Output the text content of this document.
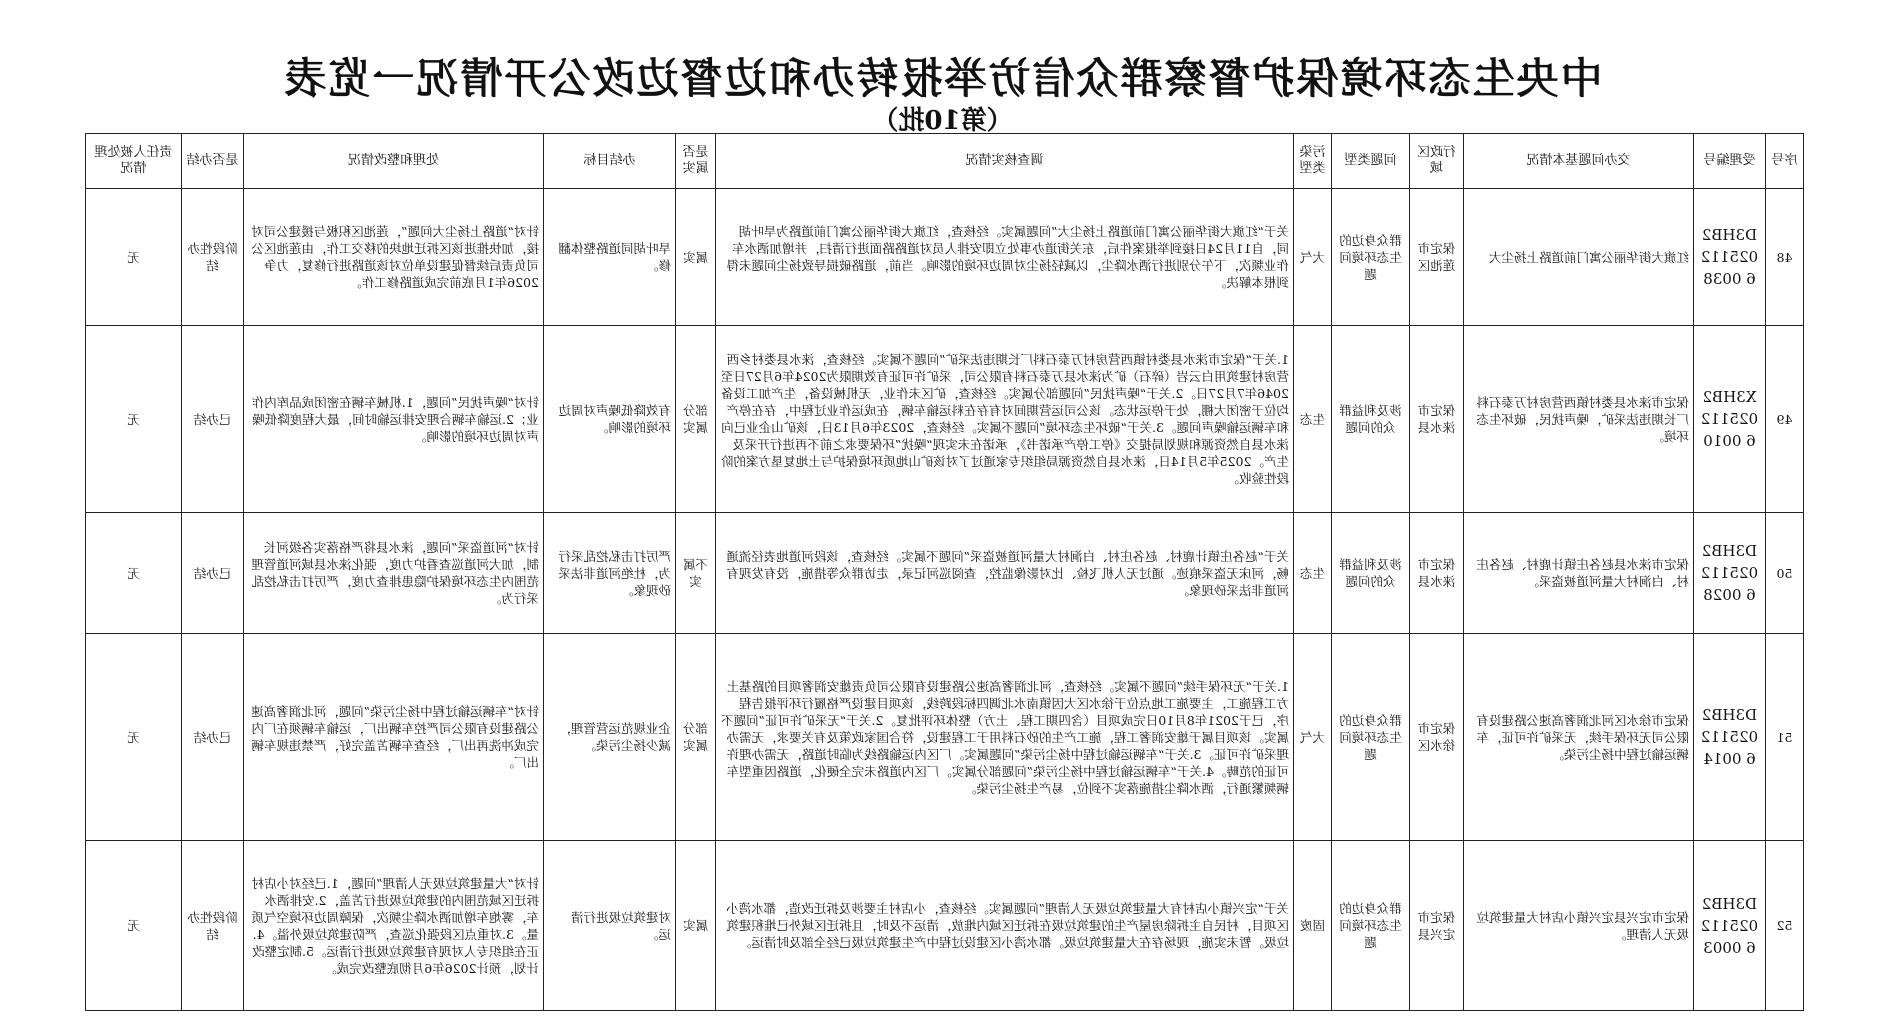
中央生态环境保护督察群众信访举报转办和边督边改公开情况一览表
（第10批）
序号	受理编号	交办问题基本情况	行政区域	问题类型	污染类型	调查核实情况	是否属实	办结目标	处理和整改情况	是否办结	责任人被处理情况
48	D3HB20251126 0038	红旗大街华丽公寓门前道路上扬尘大	保定市莲池区	群众身边的生态环境问题	大气	关于“红旗大街华丽公寓门前道路上扬尘大”问题属实。经核查，红旗大街华丽公寓门前道路为旱叶胡同，自11月24日接到举报案件后，东关街道办事处立即安排人员对道路路面进行清扫，并增加洒水车作业频次，下午分别进行洒水降尘，以减轻扬尘对周边环境的影响。当前，道路破损导致扬尘问题未得到根本解决。	属实	旱叶胡同道路整体翻修。	针对“道路上扬尘大问题”，莲池区积极与援建公司对接，加快推进该区拆迁地块的移交工作，由莲池区公司负责后续督促建设单位对该道路进行修复，力争2026年1月底前完成道路修工作。	阶段性办结	无
49	X3HB20251126 0010	保定市涞水县娄村镇西营房村万泰石料厂长期违法采矿，噪声扰民，破坏生态环境。	保定市涞水县	涉及利益群众的问题	生态	1.关于“保定市涞水县娄村镇西营房村万泰石料厂长期违法采矿”问题不属实。经核查，涞水县娄村乡西营房村建筑用白云岩（碎石）矿为涞水县万泰石料有限公司，采矿许可证有效期限为2024年6月27日至2046年7月27日。2.关于“噪声扰民”问题部分属实。经核查，矿区未作业，无机械设备，生产加工设备均位于密闭大棚，处于停运状态。该公司运营期间对有存在料运输车辆，在成运作业过程中，存在停产和车辆运输噪声问题。3.关于“破坏生态环境”问题不属实。经核查，2023年6月13日，该矿山企业已向涞水县自然资源和规划局提交《停工停产承诺书》，承诺在未实现“噪扰”环保要求之前不再进行开采及生产。2025年5月14日，涞水县自然资源局组织专家通过了对该矿山地质环境保护与土地复垦方案的阶段性验收。	部分属实	有效降低噪声对周边环境的影响。	针对“噪声扰民”问题，1.机械车辆在密闭成品库内作业；2.运输车辆合理安排运输时间，最大程度降低噪声对周边环境的影响。	已办结	无
50	D3HB20251126 0028	保定市涞水县赵各庄镇计鹿村、赵各庄村、白涧村大量河道被盗采。	保定市涞水县	涉及利益群众的问题	生态	关于“赵各庄镇计鹿村、赵各庄村、白涧村大量河道被盗采”问题不属实。经核查，该段河道地表径流通畅，河床无盗采痕迹。通过无人机飞检、比对影像监控，查阅巡河记录，走访群众等措施，没有发现有河道非法采砂现象。	不属实	严厉打击私挖乱采行为，杜绝河道非法采砂现象。	针对“河道盗采”问题，涞水县将严格落实各级河长制，加大河道巡查看护力度，强化涞水县域河道管理范围内生态环境保护隐患排查力度，严厉打击私挖乱采行为。	已办结	无
51	D3HB20251126 0014	保定市徐水区河北润奢高速公路建设有限公司无环保手续，无采矿许可证，车辆运输过程中扬尘污染。	保定市徐水区	群众身边的生态环境问题	大气	1.关于“无环保手续”问题不属实。经核查，河北润奢高速公路建设有限公司负责雄安润奢项目的路基土方工程施工，主要施工地点位于徐水区大因镇南水北调四标段跨线，该项目建设严格履行环评报告程序，已于2021年8月10日完成项目（含四期工程、土方）整体环评批复。2.关于“无采矿许可证”问题不属实。该项目属于雄安润奢工程，施工产生的砂石料用于工程建设，符合国家政策及有关要求，无需办理采矿许可证。3.关于“车辆运输过程中扬尘污染”问题属实。厂区内运输路线为临时道路，无需办理许可证的范畴。4.关于“车辆运输过程中扬尘污染”问题部分属实。厂区内道路未完全硬化，道路因重型车辆频繁通行，洒水降尘措施落实不到位，易产生扬尘污染。	部分属实	企业规范运营管理，减少扬尘污染。	针对“车辆运输过程中扬尘污染”问题，河北润奢高速公路建设有限公司严控车辆出厂，运输车辆须在厂内完成冲洗再出厂，经查车辆苫盖完好，严禁违规车辆出厂。	已办结	无
52	D3HB20251126 0003	保定市定兴县定兴镇小店村大量建筑垃圾无人清理。	保定市定兴县	群众身边的生态环境问题	固废	关于“定兴镇小店村有大量建筑垃圾无人清理”问题属实。经核查，小店村主要涉及拆迁改造，都水湾小区项目，村民自主拆除房屋产生的建筑垃圾在拆迁区域内堆放，清运不及时，且拆迁区域外已堆积建筑垃圾。暂未实施，现场存在大量建筑垃圾。都水湾小区建设过程中产生建筑垃圾已经全部及时清运。	属实	对建筑垃圾进行清运。	针对“大量建筑垃圾无人清理”问题，1.已经对小店村拆迁区域范围内的建筑垃圾进行苫盖，2.安排洒水车，雾炮车增加洒水降尘频次，保障周边环境空气质量。3.对重点区段强化巡查，严防建筑垃圾外溢。4.正在组织专人对现有建筑垃圾进行清运。5.制定整改计划，预计2026年6月彻底整改完成。	阶段性办结	无
